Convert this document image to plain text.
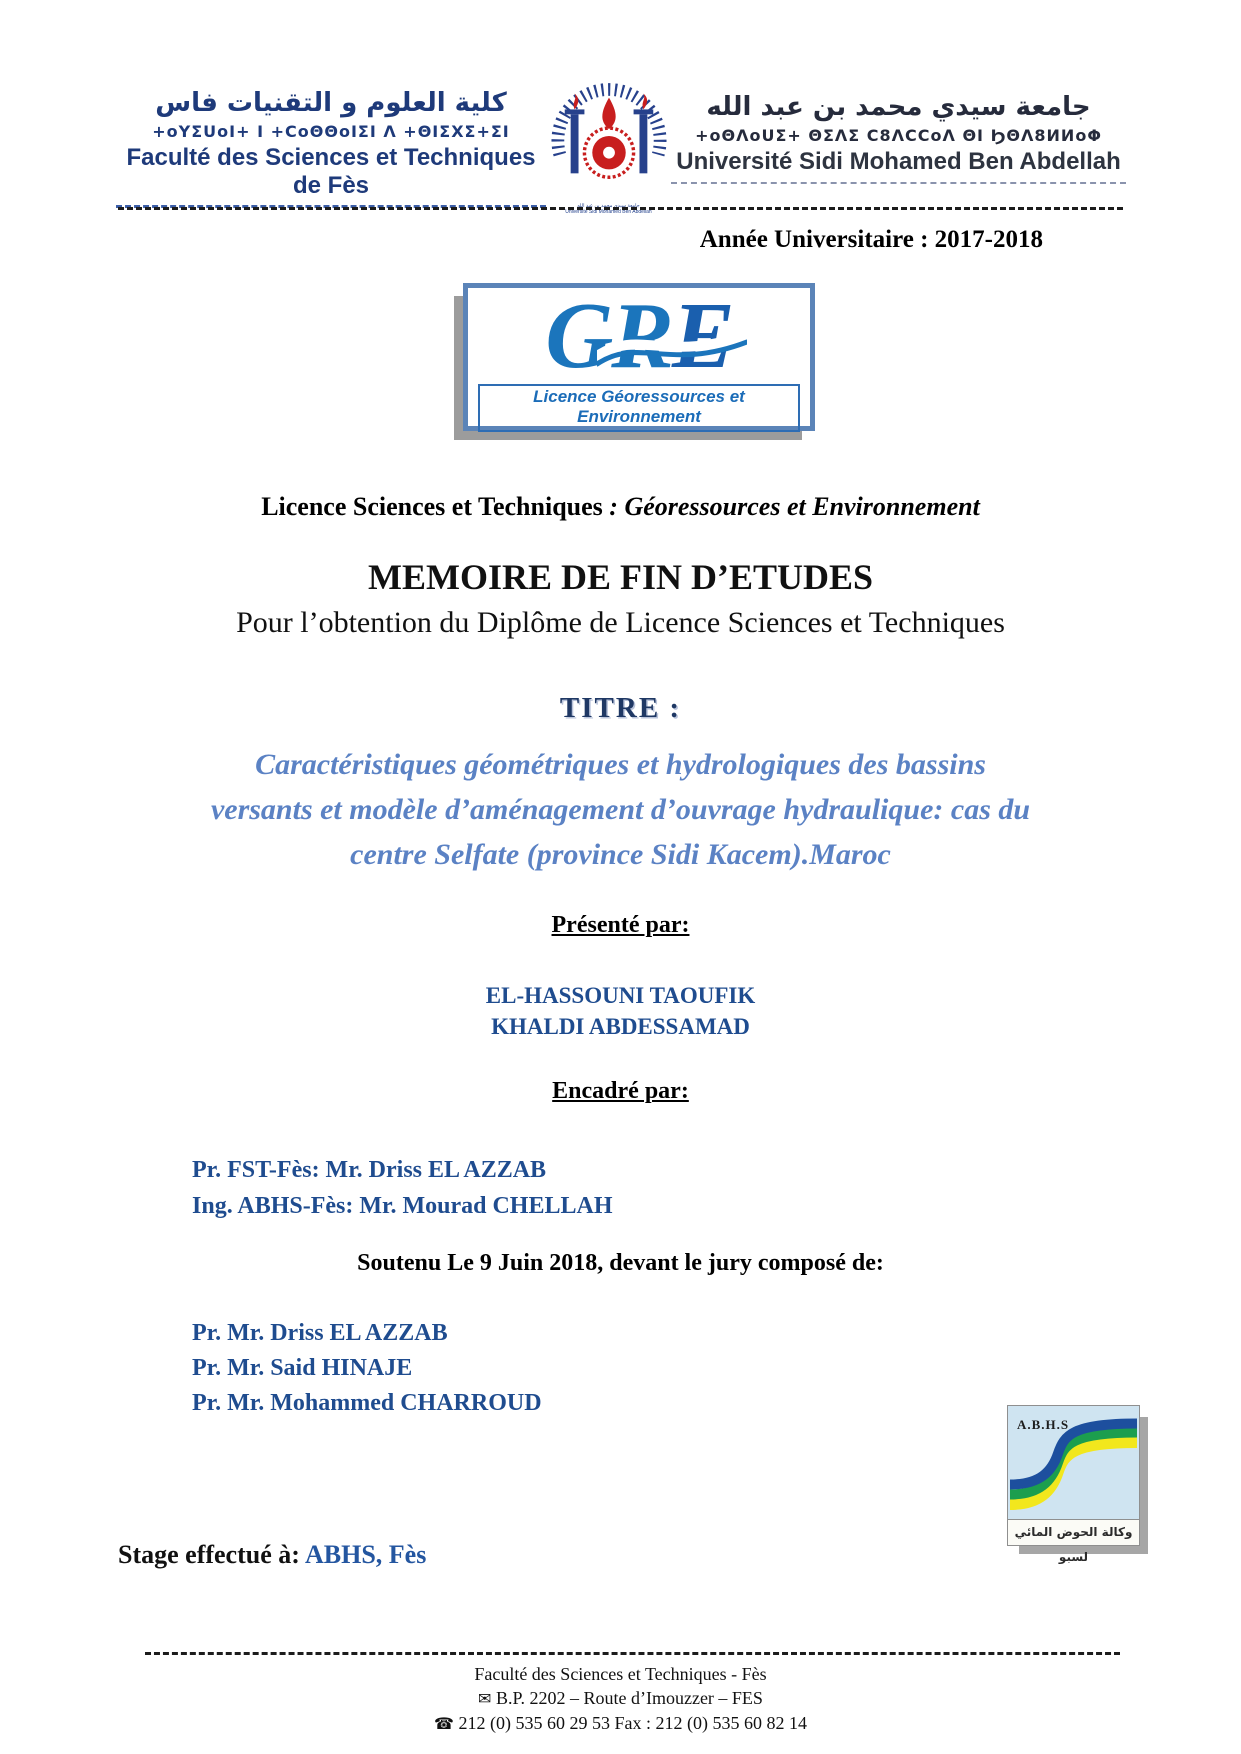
كلية العلوم و التقنيات فاس
+oYΣUoI+ I +ϹoΘΘoIΣI Λ +ΘIΣXΣ+ΣI
Faculté des Sciences et Techniques de Fès
جامعة سيدي محمد بن عبد الله
Université Sidi Mohamed Ben Abdellah
جامعة سيدي محمد بن عبد الله
+oΘΛoUΣ+ ΘΣΛΣ Ϲ8ΛϹϹoΛ ΘI ϦΘΛ8ИИoΦ
Université Sidi Mohamed Ben Abdellah
Année Universitaire : 2017-2018
GRE
Licence Géoressources et Environnement
Licence Sciences et Techniques : Géoressources et Environnement
MEMOIRE DE FIN D’ETUDES
Pour l’obtention du Diplôme de Licence Sciences et Techniques
TITRE :
Caractéristiques géométriques et hydrologiques des bassins
versants et modèle d’aménagement d’ouvrage hydraulique: cas du
centre Selfate (province Sidi Kacem).Maroc
Présenté par:
EL-HASSOUNI TAOUFIK
KHALDI ABDESSAMAD
Encadré par:
Pr. FST-Fès: Mr. Driss EL AZZAB
Ing. ABHS-Fès: Mr. Mourad CHELLAH
Soutenu Le 9 Juin 2018, devant le jury composé de:
Pr. Mr. Driss EL AZZAB
Pr. Mr. Said HINAJE
Pr. Mr. Mohammed CHARROUD
A.B.H.S
وكالة الحوض المائي لسبو
Stage effectué à: ABHS, Fès
Faculté des Sciences et Techniques - Fès
✉ B.P. 2202 – Route d’Imouzzer – FES
☎ 212 (0) 535 60 29 53 Fax : 212 (0) 535 60 82 14
